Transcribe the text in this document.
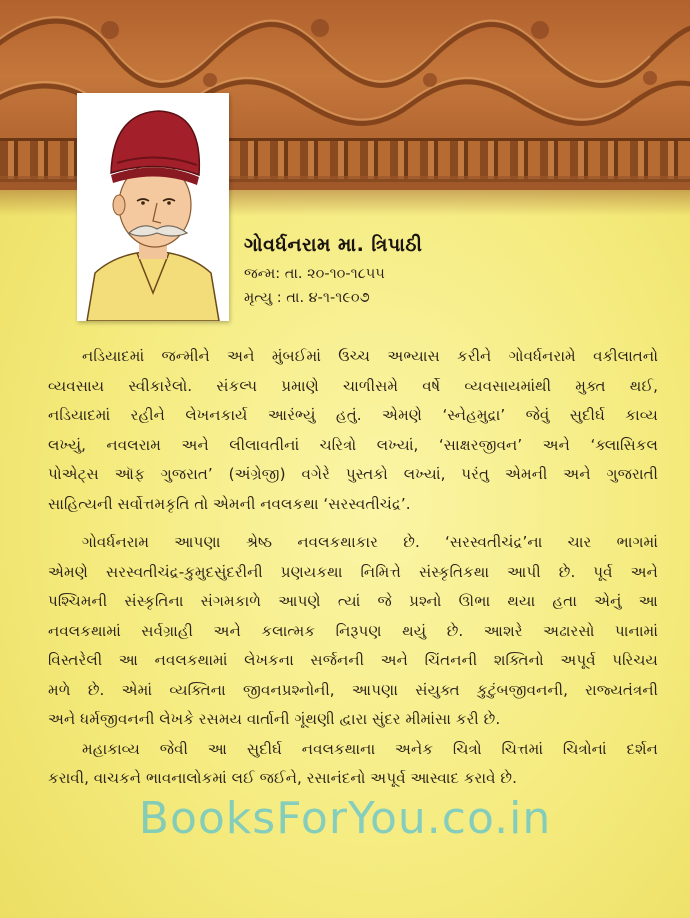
ગોવર્ધનરામ મા. ત્રિપાઠી
જન્મ: તા. ૨૦-૧૦-૧૮૫૫
મૃત્યુ : તા. ૪-૧-૧૯૦૭
નડિયાદમાં જન્મીને અને મુંબઈમાં ઉચ્ચ અભ્યાસ કરીને ગોવર્ધનરામે વકીલાતનો
વ્યવસાય સ્વીકારેલો. સંકલ્પ પ્રમાણે ચાળીસમે વર્ષે વ્યવસાયમાંથી મુક્ત થઈ,
નડિયાદમાં રહીને લેખનકાર્ય આરંભ્યું હતું. એમણે ‘સ્નેહમુદ્રા’ જેવું સુદીર્ઘ કાવ્ય
લખ્યું, નવલરામ અને લીલાવતીનાં ચરિત્રો લખ્યાં, ‘સાક્ષરજીવન’ અને ‘ક્લાસિકલ
પોએટ્સ ઑફ ગુજરાત’ (અંગ્રેજી) વગેરે પુસ્તકો લખ્યાં, પરંતુ એમની અને ગુજરાતી
સાહિત્યની સર્વોત્તમકૃતિ તો એમની નવલકથા ‘સરસ્વતીચંદ્ર’.
ગોવર્ધનરામ આપણા શ્રેષ્ઠ નવલકથાકાર છે. ‘સરસ્વતીચંદ્ર’ના ચાર ભાગમાં
એમણે સરસ્વતીચંદ્ર-કુમુદસુંદરીની પ્રણયકથા નિમિત્તે સંસ્કૃતિકથા આપી છે. પૂર્વ અને
પશ્ચિમની સંસ્કૃતિના સંગમકાળે આપણે ત્યાં જે પ્રશ્નો ઊભા થયા હતા એનું આ
નવલકથામાં સર્વગ્રાહી અને કલાત્મક નિરૂપણ થયું છે. આશરે અઢારસો પાનામાં
વિસ્તરેલી આ નવલકથામાં લેખકના સર્જનની અને ચિંતનની શક્તિનો અપૂર્વ પરિચય
મળે છે. એમાં વ્યક્તિના જીવનપ્રશ્નોની, આપણા સંયુક્ત કુટુંબજીવનની, રાજ્યતંત્રની
અને ધર્મજીવનની લેખકે રસમય વાર્તાની ગૂંથણી દ્વારા સુંદર મીમાંસા કરી છે.
મહાકાવ્ય જેવી આ સુદીર્ઘ નવલકથાના અનેક ચિત્રો ચિત્તમાં ચિત્રોનાં દર્શન
કરાવી, વાચકને ભાવનાલોકમાં લઈ જઈને, રસાનંદનો અપૂર્વ આસ્વાદ કરાવે છે.
BooksForYou.co.in
